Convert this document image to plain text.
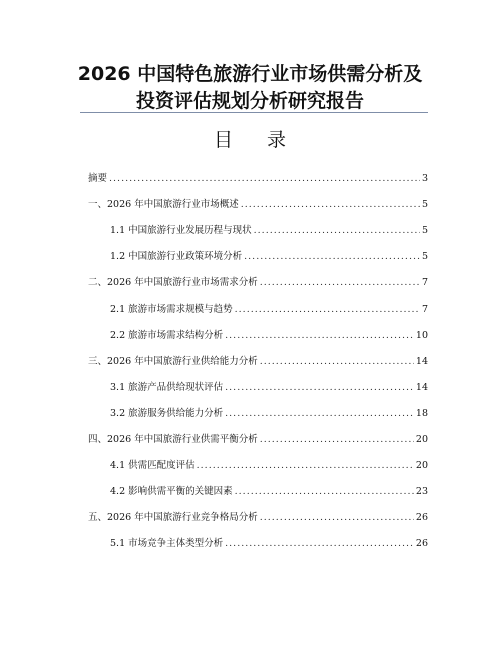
2026 中国特色旅游行业市场供需分析及
投资评估规划分析研究报告
目 录
摘要 .....	3
一、2026 年中国旅游行业市场概述 .....	5
1.1 中国旅游行业发展历程与现状 .....	5
1.2 中国旅游行业政策环境分析 .....	5
二、2026 年中国旅游行业市场需求分析 .....	7
2.1 旅游市场需求规模与趋势 .....	7
2.2 旅游市场需求结构分析 .....	10
三、2026 年中国旅游行业供给能力分析 .....	14
3.1 旅游产品供给现状评估 .....	14
3.2 旅游服务供给能力分析 .....	18
四、2026 年中国旅游行业供需平衡分析 .....	20
4.1 供需匹配度评估 .....	20
4.2 影响供需平衡的关键因素 .....	23
五、2026 年中国旅游行业竞争格局分析 .....	26
5.1 市场竞争主体类型分析 .....	26
